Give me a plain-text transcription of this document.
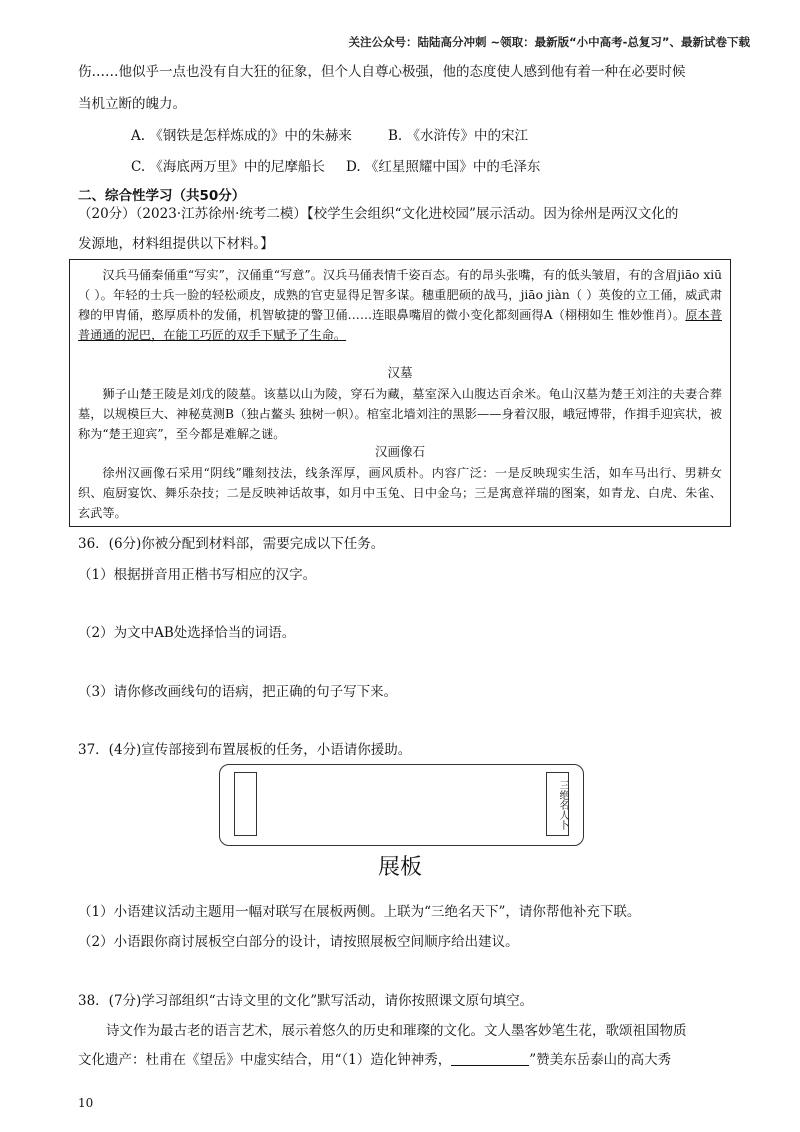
关注公众号：陆陆高分冲刺 ~领取：最新版“小中高考-总复习”、最新试卷下载
伤……他似乎一点也没有自大狂的征象，但个人自尊心极强，他的态度使人感到他有着一种在必要时候
当机立断的魄力。
A. 《钢铁是怎样炼成的》中的朱赫来	B. 《水浒传》中的宋江
C. 《海底两万里》中的尼摩船长 D. 《红星照耀中国》中的毛泽东
二、综合性学习（共50分）
（20分）（2023·江苏徐州·统考二模）【校学生会组织“文化进校园”展示活动。因为徐州是两汉文化的
发源地，材料组提供以下材料。】

汉兵马俑秦俑重“写实”，汉俑重“写意”。汉兵马俑表情千姿百态。有的昂头张嘴，有的低头皱眉，有的含眉jiāo xiū（ ）。年轻的士兵一脸的轻松顽皮，成熟的官吏显得足智多谋。穗重肥硕的战马，jiāo jiàn（ ）英俊的立工俑，威武肃穆的甲胄俑，憨厚质朴的发俑，机智敏捷的警卫俑……连眼鼻嘴眉的微小变化都刻画得A（栩栩如生 惟妙惟肖）。原本普普通通的泥巴，在能工巧匠的双手下赋予了生命。

汉墓

狮子山楚王陵是刘戊的陵墓。该墓以山为陵，穿石为藏，墓室深入山腹达百余米。龟山汉墓为楚王刘注的夫妻合葬墓，以规模巨大、神秘莫测B（独占鳌头 独树一帜）。棺室北墙刘注的黑影——身着汉服，峨冠博带，作揖手迎宾状，被称为“楚王迎宾”，至今都是难解之谜。

汉画像石

徐州汉画像石采用“阴线”雕刻技法，线条浑厚，画风质朴。内容广泛：一是反映现实生活，如车马出行、男耕女织、庖厨宴饮、舞乐杂技；二是反映神话故事，如月中玉兔、日中金乌；三是寓意祥瑞的图案，如青龙、白虎、朱雀、玄武等。

36．(6分)你被分配到材料部，需要完成以下任务。
（1）根据拼音用正楷书写相应的汉字。
（2）为文中AB处选择恰当的词语。
（3）请你修改画线句的语病，把正确的句子写下来。
37．(4分)宣传部接到布置展板的任务，小语请你援助。
三绝名人卜
展板
（1）小语建议活动主题用一幅对联写在展板两侧。上联为“三绝名天下”，请你帮他补充下联。
（2）小语跟你商讨展板空白部分的设计，请按照展板空间顺序给出建议。
38．(7分)学习部组织“古诗文里的文化”默写活动，请你按照课文原句填空。
诗文作为最古老的语言艺术，展示着悠久的历史和璀璨的文化。文人墨客妙笔生花，歌颂祖国物质
文化遗产：杜甫在《望岳》中虚实结合，用“（1）造化钟神秀，	”赞美东岳泰山的高大秀
10
